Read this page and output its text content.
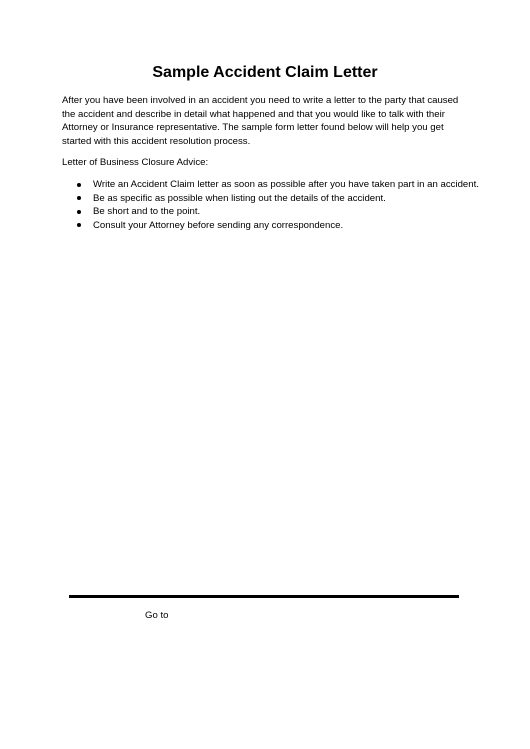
Sample Accident Claim Letter

After you have been involved in an accident you need to write a letter to the party that caused the accident and describe in detail what happened and that you would like to talk with their Attorney or Insurance representative. The sample form letter found below will help you get started with this accident resolution process.

Letter of Business Closure Advice:

Write an Accident Claim letter as soon as possible after you have taken part in an accident.
Be as specific as possible when listing out the details of the accident.
Be short and to the point.
Consult your Attorney before sending any correspondence.

Go to
